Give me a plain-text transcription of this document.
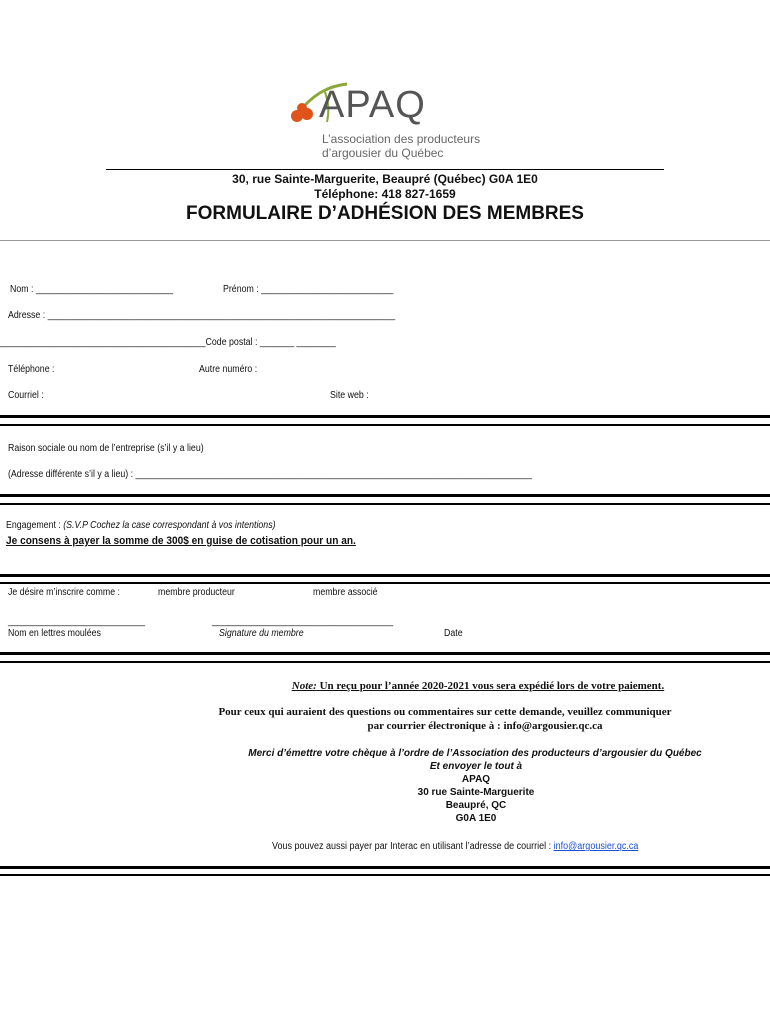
APAQ
L’association des producteurs
d’argousier du Québec
30, rue Sainte-Marguerite, Beaupré (Québec) G0A 1E0
Téléphone: 418 827-1659
FORMULAIRE D’ADHÉSION DES MEMBRES
Nom : ____________________________	Prénom : ___________________________
Adresse : _______________________________________________________________________
__________________________________________Code postal : _______ ________
Téléphone :	Autre numéro :
Courriel :	Site web :
Raison sociale ou nom de l’entreprise (s’il y a lieu)
(Adresse différente s’il y a lieu) : _________________________________________________________________________________
Engagement : (S.V.P Cochez la case correspondant à vos intentions)
Je consens à payer la somme de 300$ en guise de cotisation pour un an.
Je désire m’inscrire comme :	membre producteur	membre associé
____________________________	_____________________________________
Nom en lettres moulées	Signature du membre	Date
Note: Un reçu pour l’année 2020-2021 vous sera expédié lors de votre paiement.
Pour ceux qui auraient des questions ou commentaires sur cette demande, veuillez communiquer
par courrier électronique à : info@argousier.qc.ca
Merci d’émettre votre chèque à l’ordre de l’Association des producteurs d’argousier du Québec
Et envoyer le tout à
APAQ
30 rue Sainte-Marguerite
Beaupré, QC
G0A 1E0
Vous pouvez aussi payer par Interac en utilisant l’adresse de courriel : info@argousier.qc.ca
